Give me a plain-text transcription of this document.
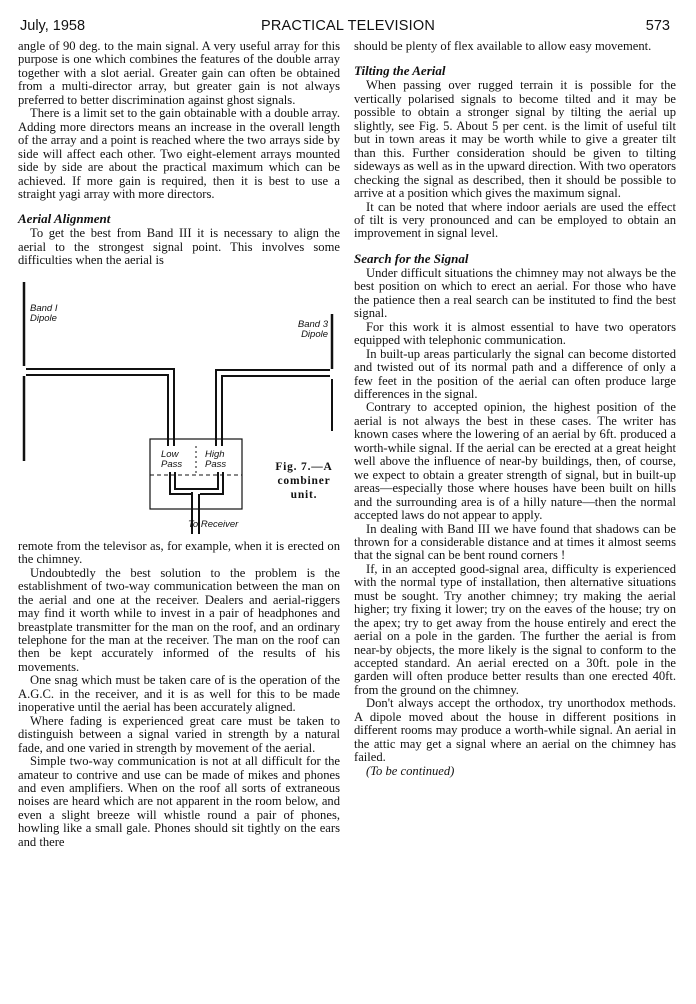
July, 1958	PRACTICAL TELEVISION	573

angle of 90 deg. to the main signal. A very useful array for this purpose is one which combines the features of the double array together with a slot aerial. Greater gain can often be obtained from a multi-director array, but greater gain is not always preferred to better discrimination against ghost signals.

There is a limit set to the gain obtainable with a double array. Adding more directors means an increase in the overall length of the array and a point is reached where the two arrays side by side will affect each other. Two eight-element arrays mounted side by side are about the practical maximum which can be achieved. If more gain is required, then it is best to use a straight yagi array with more directors.

Aerial Alignment

To get the best from Band III it is necessary to align the aerial to the strongest signal point. This involves some difficulties when the aerial is

Band I
Dipole
Band 3
Dipole
Low
Pass
High
Pass
To Receiver
Fig. 7.—A
combiner
unit.

remote from the televisor as, for example, when it is erected on the chimney.

Undoubtedly the best solution to the problem is the establishment of two-way communication between the man on the aerial and one at the receiver. Dealers and aerial-riggers may find it worth while to invest in a pair of headphones and breastplate transmitter for the man on the roof, and an ordinary telephone for the man at the receiver. The man on the roof can then be kept accurately informed of the results of his movements.

One snag which must be taken care of is the operation of the A.G.C. in the receiver, and it is as well for this to be made inoperative until the aerial has been accurately aligned.

Where fading is experienced great care must be taken to distinguish between a signal varied in strength by a natural fade, and one varied in strength by movement of the aerial.

Simple two-way communication is not at all difficult for the amateur to contrive and use can be made of mikes and phones and even amplifiers. When on the roof all sorts of extraneous noises are heard which are not apparent in the room below, and even a slight breeze will whistle round a pair of phones, howling like a small gale. Phones should sit tightly on the ears and there

should be plenty of flex available to allow easy movement.

Tilting the Aerial

When passing over rugged terrain it is possible for the vertically polarised signals to become tilted and it may be possible to obtain a stronger signal by tilting the aerial up slightly, see Fig. 5. About 5 per cent. is the limit of useful tilt but in town areas it may be worth while to give a greater tilt than this. Further consideration should be given to tilting sideways as well as in the upward direction. With two operators checking the signal as described, then it should be possible to arrive at a position which gives the maximum signal.

It can be noted that where indoor aerials are used the effect of tilt is very pronounced and can be employed to obtain an improvement in signal level.

Search for the Signal

Under difficult situations the chimney may not always be the best position on which to erect an aerial. For those who have the patience then a real search can be instituted to find the best signal.

For this work it is almost essential to have two operators equipped with telephonic communication.

In built-up areas particularly the signal can become distorted and twisted out of its normal path and a difference of only a few feet in the position of the aerial can often produce large differences in the signal.

Contrary to accepted opinion, the highest position of the aerial is not always the best in these cases. The writer has known cases where the lowering of an aerial by 6ft. produced a worth-while signal. If the aerial can be erected at a great height well above the influence of near-by buildings, then, of course, we expect to obtain a greater strength of signal, but in built-up areas—especially those where houses have been built on hills and the surrounding area is of a hilly nature—then the normal accepted laws do not appear to apply.

In dealing with Band III we have found that shadows can be thrown for a considerable distance and at times it almost seems that the signal can be bent round corners !

If, in an accepted good-signal area, difficulty is experienced with the normal type of installation, then alternative situations must be sought. Try another chimney; try making the aerial higher; try fixing it lower; try on the eaves of the house; try on the apex; try to get away from the house entirely and erect the aerial on a pole in the garden. The further the aerial is from near-by objects, the more likely is the signal to conform to the accepted standard. An aerial erected on a 30ft. pole in the garden will often produce better results than one erected 40ft. from the ground on the chimney.

Don't always accept the orthodox, try unorthodox methods. A dipole moved about the house in different positions in different rooms may produce a worth-while signal. An aerial in the attic may get a signal where an aerial on the chimney has failed.

(To be continued)
